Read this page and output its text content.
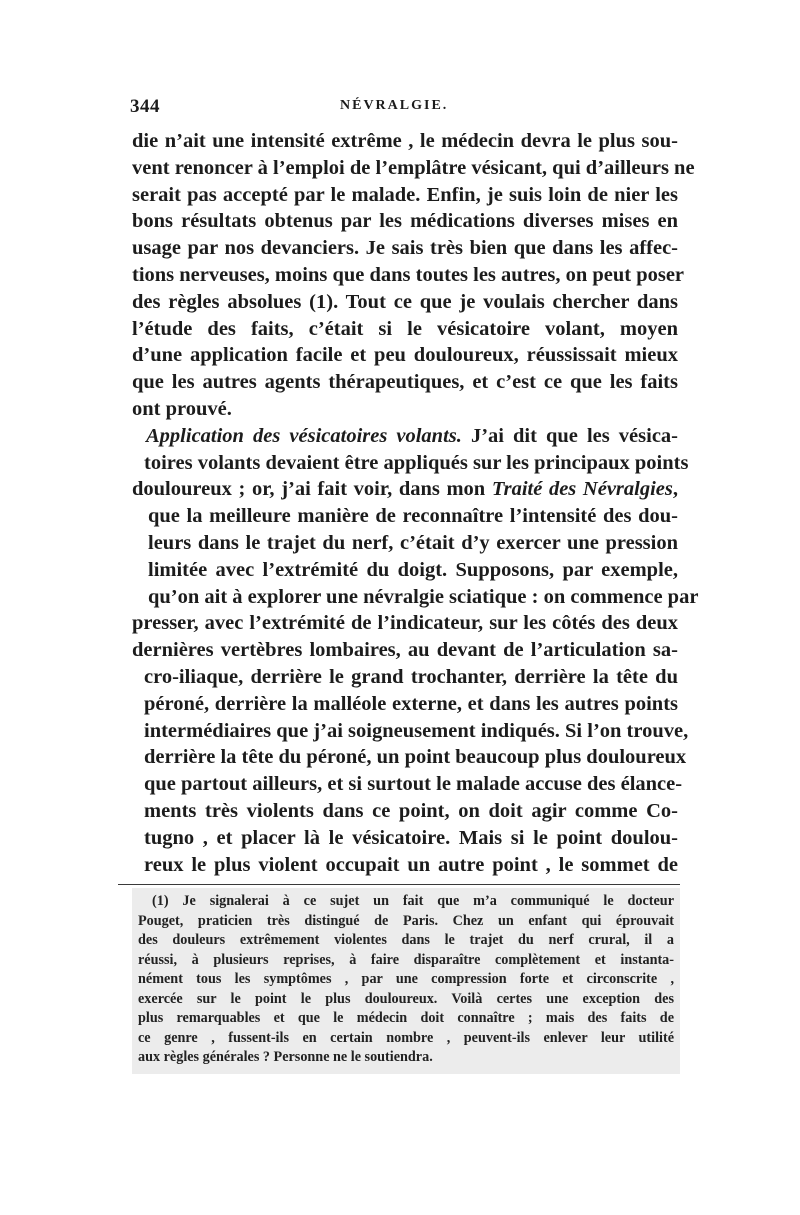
344	NÉVRALGIE.
die n’ait une intensité extrême , le médecin devra le plus sou-
vent renoncer à l’emploi de l’emplâtre vésicant, qui d’ailleurs ne
serait pas accepté par le malade. Enfin, je suis loin de nier les
bons résultats obtenus par les médications diverses mises en
usage par nos devanciers. Je sais très bien que dans les affec-
tions nerveuses, moins que dans toutes les autres, on peut poser
des règles absolues (1). Tout ce que je voulais chercher dans
l’étude des faits, c’était si le vésicatoire volant, moyen
d’une application facile et peu douloureux, réussissait mieux
que les autres agents thérapeutiques, et c’est ce que les faits
ont prouvé.
Application des vésicatoires volants. J’ai dit que les vésica-
toires volants devaient être appliqués sur les principaux points
douloureux ; or, j’ai fait voir, dans mon Traité des Névralgies,
que la meilleure manière de reconnaître l’intensité des dou-
leurs dans le trajet du nerf, c’était d’y exercer une pression
limitée avec l’extrémité du doigt. Supposons, par exemple,
qu’on ait à explorer une névralgie sciatique : on commence par
presser, avec l’extrémité de l’indicateur, sur les côtés des deux
dernières vertèbres lombaires, au devant de l’articulation sa-
cro-iliaque, derrière le grand trochanter, derrière la tête du
péroné, derrière la malléole externe, et dans les autres points
intermédiaires que j’ai soigneusement indiqués. Si l’on trouve,
derrière la tête du péroné, un point beaucoup plus douloureux
que partout ailleurs, et si surtout le malade accuse des élance-
ments très violents dans ce point, on doit agir comme Co-
tugno , et placer là le vésicatoire. Mais si le point doulou-
reux le plus violent occupait un autre point , le sommet de
(1) Je signalerai à ce sujet un fait que m’a communiqué le docteur
Pouget, praticien très distingué de Paris. Chez un enfant qui éprouvait
des douleurs extrêmement violentes dans le trajet du nerf crural, il a
réussi, à plusieurs reprises, à faire disparaître complètement et instanta-
nément tous les symptômes , par une compression forte et circonscrite ,
exercée sur le point le plus douloureux. Voilà certes une exception des
plus remarquables et que le médecin doit connaître ; mais des faits de
ce genre , fussent-ils en certain nombre , peuvent-ils enlever leur utilité
aux règles générales ? Personne ne le soutiendra.
